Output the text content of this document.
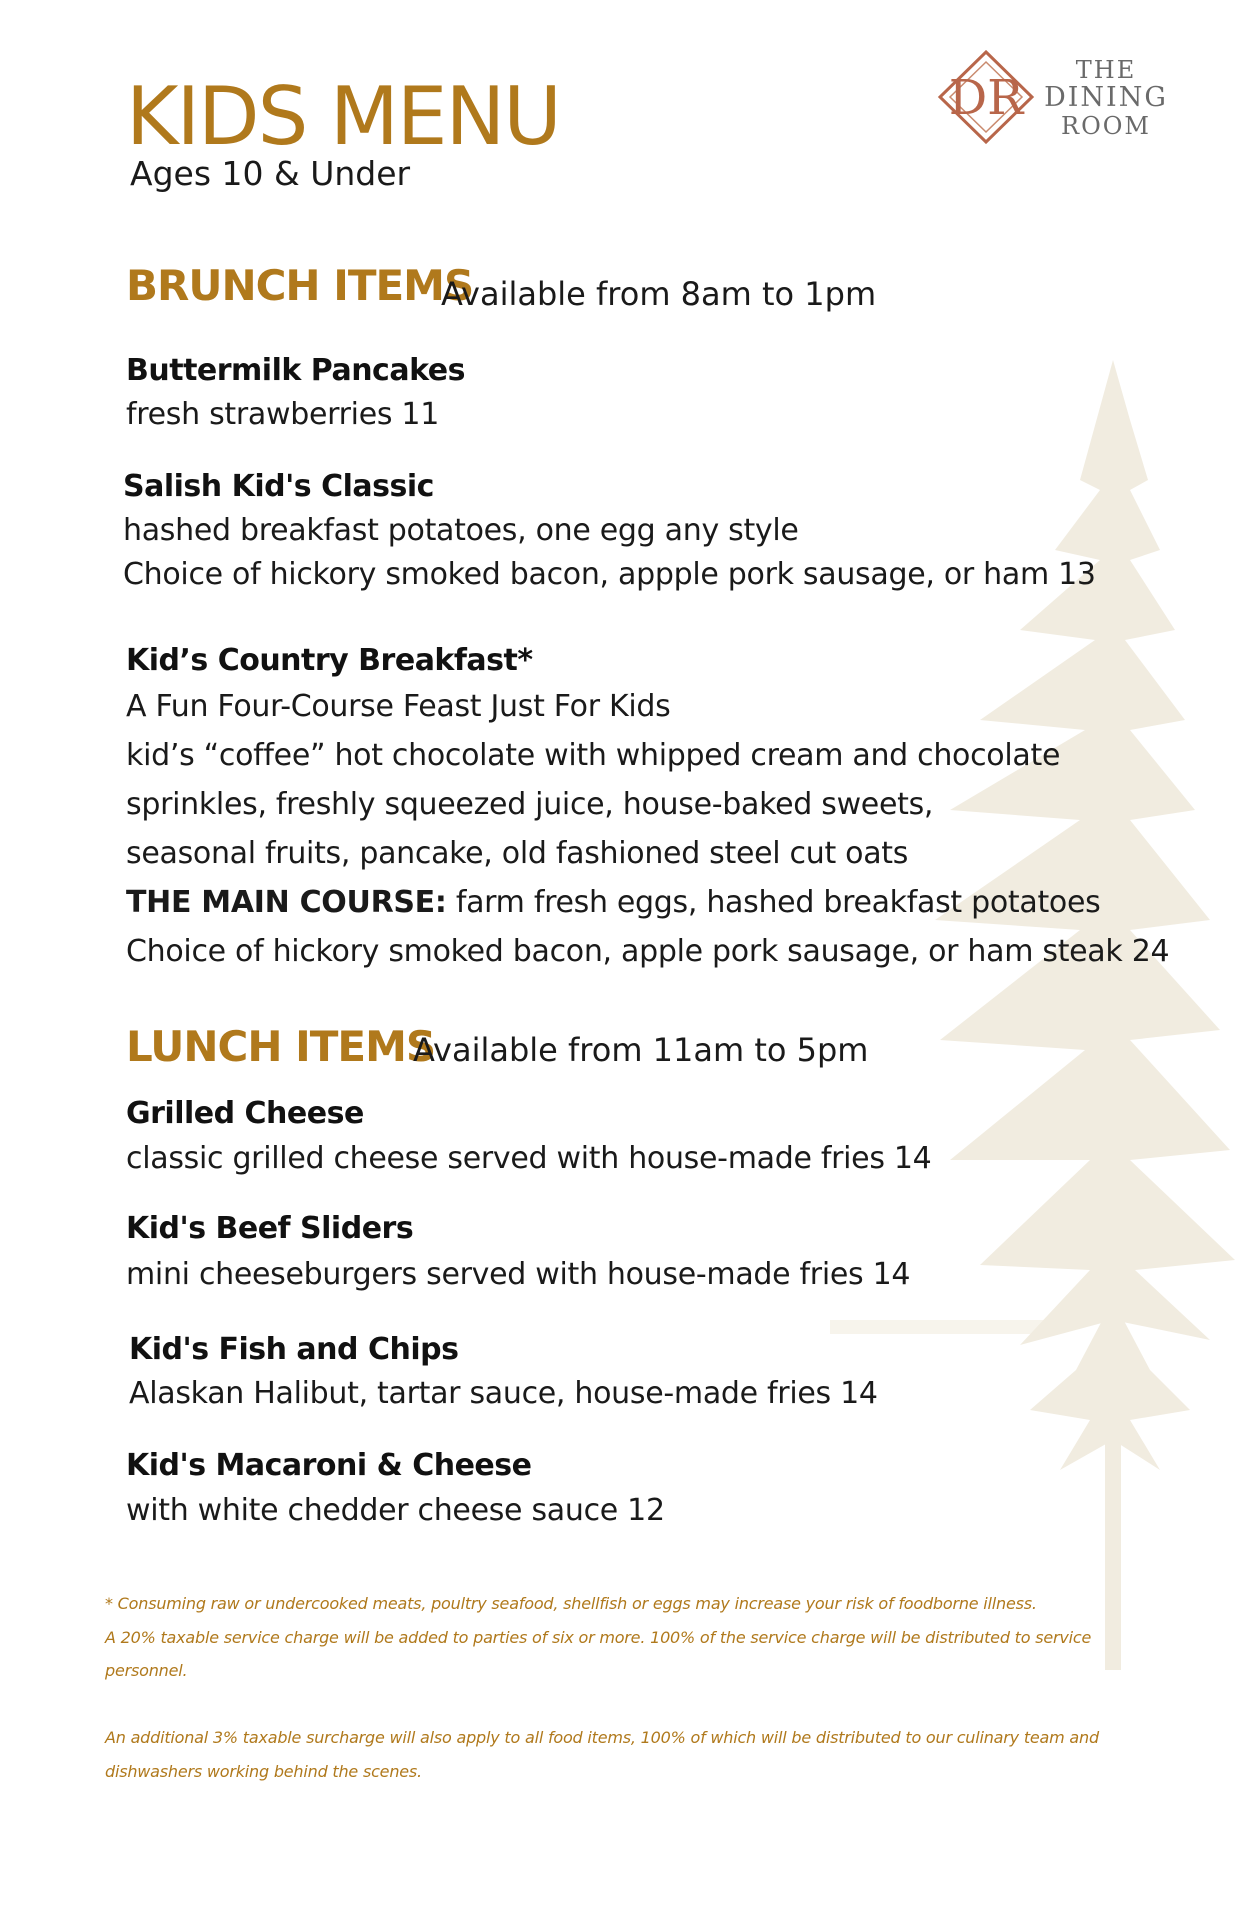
KIDS MENU
Ages 10 & Under
DR	THE
DINING
ROOM
BRUNCH ITEMS
Available from 8am to 1pm
Buttermilk Pancakes
fresh strawberries 11
Salish Kid's Classic
hashed breakfast potatoes, one egg any style
Choice of hickory smoked bacon, appple pork sausage, or ham 13
Kid’s Country Breakfast*
A Fun Four-Course Feast Just For Kids
kid’s “coffee” hot chocolate with whipped cream and chocolate
sprinkles, freshly squeezed juice, house-baked sweets,
seasonal fruits, pancake, old fashioned steel cut oats
THE MAIN COURSE: farm fresh eggs, hashed breakfast potatoes
Choice of hickory smoked bacon, apple pork sausage, or ham steak 24
LUNCH ITEMS
Available from 11am to 5pm
Grilled Cheese
classic grilled cheese served with house-made fries 14
Kid's Beef Sliders
mini cheeseburgers served with house-made fries 14
Kid's Fish and Chips
Alaskan Halibut, tartar sauce, house-made fries 14
Kid's Macaroni & Cheese
with white chedder cheese sauce 12
* Consuming raw or undercooked meats, poultry seafood, shellfish or eggs may increase your risk of foodborne illness.
A 20% taxable service charge will be added to parties of six or more. 100% of the service charge will be distributed to service
personnel.
An additional 3% taxable surcharge will also apply to all food items, 100% of which will be distributed to our culinary team and
dishwashers working behind the scenes.
